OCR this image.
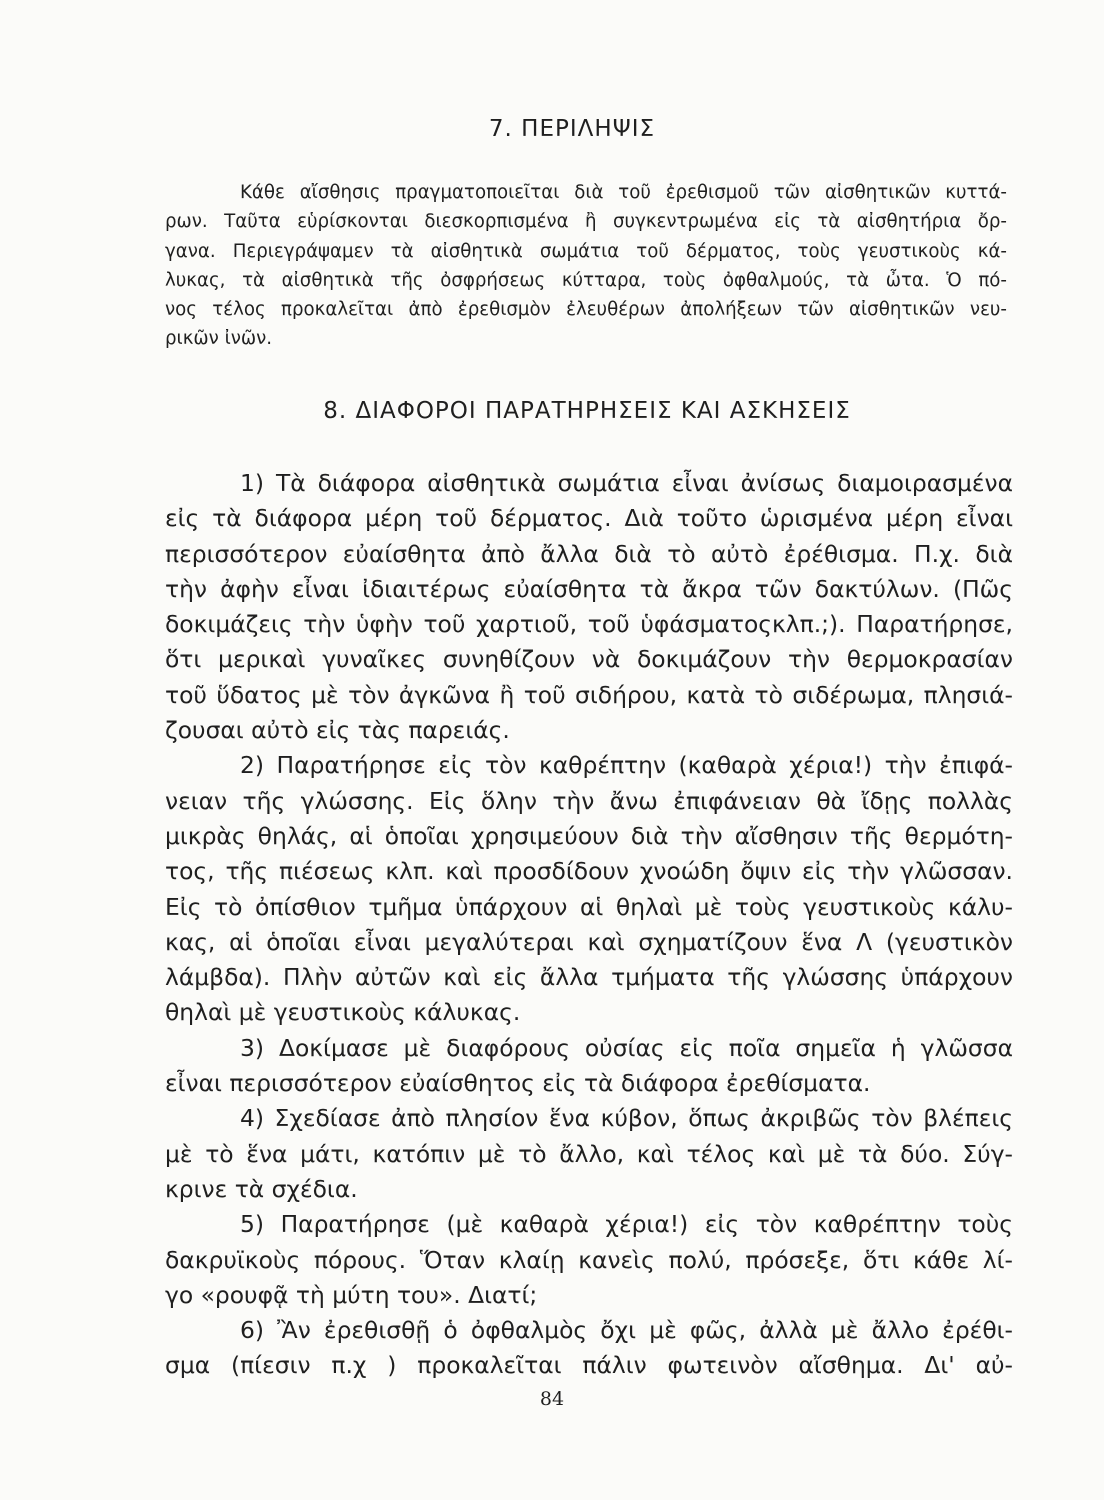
7. ΠΕΡΙΛΗΨΙΣ
Κάθε αἴσθησις πραγματοποιεῖται διὰ τοῦ ἐρεθισμοῦ τῶν αἰσθητικῶν κυττά-
ρων. Ταῦτα εὑρίσκονται διεσκορπισμένα ἢ συγκεντρωμένα εἰς τὰ αἰσθητήρια ὄρ-
γανα. Περιεγράψαμεν τὰ αἰσθητικὰ σωμάτια τοῦ δέρματος, τοὺς γευστικοὺς κά-
λυκας, τὰ αἰσθητικὰ τῆς ὀσφρήσεως κύτταρα, τοὺς ὀφθαλμούς, τὰ ὦτα. Ὁ πό-
νος τέλος προκαλεῖται ἀπὸ ἐρεθισμὸν ἐλευθέρων ἀπολήξεων τῶν αἰσθητικῶν νευ-
ρικῶν ἰνῶν.
8. ΔΙΑΦΟΡΟΙ ΠΑΡΑΤΗΡΗΣΕΙΣ ΚΑΙ ΑΣΚΗΣΕΙΣ
1) Τὰ διάφορα αἰσθητικὰ σωμάτια εἶναι ἀνίσως διαμοιρασμένα
εἰς τὰ διάφορα μέρη τοῦ δέρματος. Διὰ τοῦτο ὡρισμένα μέρη εἶναι
περισσότερον εὐαίσθητα ἀπὸ ἄλλα διὰ τὸ αὐτὸ ἐρέθισμα. Π.χ. διὰ
τὴν ἀφὴν εἶναι ἰδιαιτέρως εὐαίσθητα τὰ ἄκρα τῶν δακτύλων. (Πῶς
δοκιμάζεις τὴν ὑφὴν τοῦ χαρτιοῦ, τοῦ ὑφάσματοςκλπ.;). Παρατήρησε,
ὅτι μερικαὶ γυναῖκες συνηθίζουν νὰ δοκιμάζουν τὴν θερμοκρασίαν
τοῦ ὕδατος μὲ τὸν ἀγκῶνα ἢ τοῦ σιδήρου, κατὰ τὸ σιδέρωμα, πλησιά-
ζουσαι αὐτὸ εἰς τὰς παρειάς.
2) Παρατήρησε εἰς τὸν καθρέπτην (καθαρὰ χέρια!) τὴν ἐπιφά-
νειαν τῆς γλώσσης. Εἰς ὅλην τὴν ἄνω ἐπιφάνειαν θὰ ἴδῃς πολλὰς
μικρὰς θηλάς, αἱ ὁποῖαι χρησιμεύουν διὰ τὴν αἴσθησιν τῆς θερμότη-
τος, τῆς πιέσεως κλπ. καὶ προσδίδουν χνοώδη ὄψιν εἰς τὴν γλῶσσαν.
Εἰς τὸ ὀπίσθιον τμῆμα ὑπάρχουν αἱ θηλαὶ μὲ τοὺς γευστικοὺς κάλυ-
κας, αἱ ὁποῖαι εἶναι μεγαλύτεραι καὶ σχηματίζουν ἕνα Λ (γευστικὸν
λάμβδα). Πλὴν αὐτῶν καὶ εἰς ἄλλα τμήματα τῆς γλώσσης ὑπάρχουν
θηλαὶ μὲ γευστικοὺς κάλυκας.
3) Δοκίμασε μὲ διαφόρους οὐσίας εἰς ποῖα σημεῖα ἡ γλῶσσα
εἶναι περισσότερον εὐαίσθητος εἰς τὰ διάφορα ἐρεθίσματα.
4) Σχεδίασε ἀπὸ πλησίον ἕνα κύβον, ὅπως ἀκριβῶς τὸν βλέπεις
μὲ τὸ ἕνα μάτι, κατόπιν μὲ τὸ ἄλλο, καὶ τέλος καὶ μὲ τὰ δύο. Σύγ-
κρινε τὰ σχέδια.
5) Παρατήρησε (μὲ καθαρὰ χέρια!) εἰς τὸν καθρέπτην τοὺς
δακρυϊκοὺς πόρους. Ὅταν κλαίῃ κανεὶς πολύ, πρόσεξε, ὅτι κάθε λί-
γο «ρουφᾷ τὴ μύτη του». Διατί;
6) Ἂν ἐρεθισθῇ ὁ ὀφθαλμὸς ὄχι μὲ φῶς, ἀλλὰ μὲ ἄλλο ἐρέθι-
σμα (πίεσιν π.χ ) προκαλεῖται πάλιν φωτεινὸν αἴσθημα. Δι' αὐ-

84
